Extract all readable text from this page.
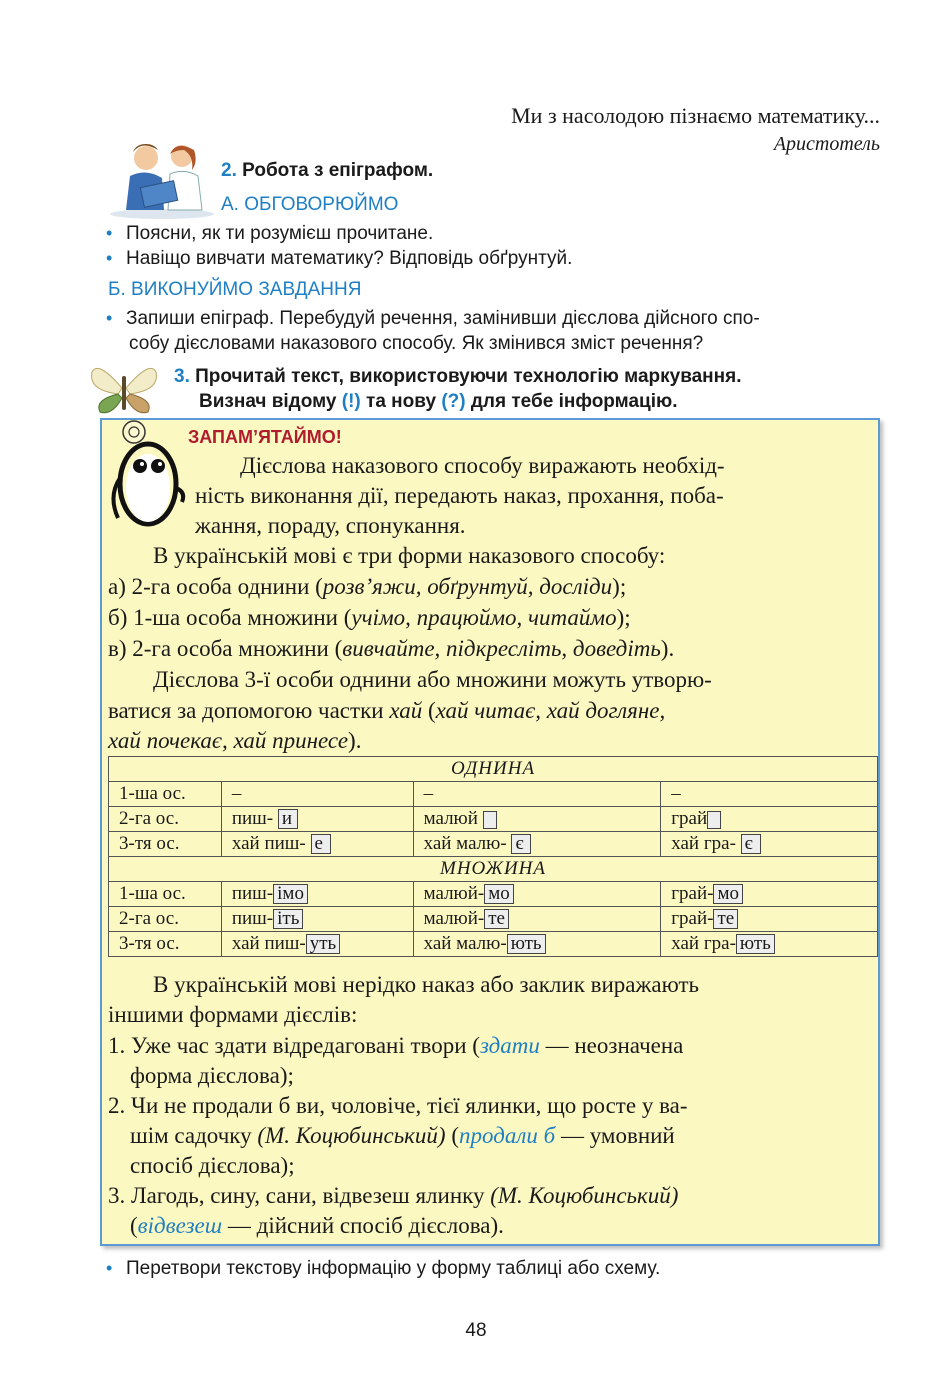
Ми з насолодою пізнаємо математику...
Аристотель
2. Робота з епіграфом.
А. ОБГОВОРЮЙМО
• Поясни, як ти розумієш прочитане.
• Навіщо вивчати математику? Відповідь обґрунтуй.
Б. ВИКОНУЙМО ЗАВДАННЯ
• Запиши епіграф. Перебудуй речення, замінивши дієслова дійсного спо-
собу дієсловами наказового способу. Як змінився зміст речення?
3. Прочитай текст, використовуючи технологію маркування.
Визнач відому (!) та нову (?) для тебе інформацію.
ЗАПАМ’ЯТАЙМО!
Дієслова наказового способу виражають необхід-
ність виконання дії, передають наказ, прохання, поба-
жання, пораду, спонукання.
В українській мові є три форми наказового способу:
а) 2-га особа однини (розв’яжи, обґрунтуй, досліди);
б) 1-ша особа множини (учімо, працюймо, читаймо);
в) 2-га особа множини (вивчайте, підкресліть, доведіть).
Дієслова 3-ї особи однини або множини можуть утворю-
ватися за допомогою частки хай (хай читає, хай догляне,
хай почекає, хай принесе).
ОДНИНА			
1-ша ос.	–	–	–
2-га ос.	пиш- и	малюй	грай
3-тя ос.	хай пиш- е	хай малю- є	хай гра- є
МНОЖИНА			
1-ша ос.	пиш- імо	малюй- мо	грай- мо
2-га ос.	пиш- іть	малюй- те	грай- те
3-тя ос.	хай пиш- уть	хай малю- ють	хай гра- ють
В українській мові нерідко наказ або заклик виражають
іншими формами дієслів:
1. Уже час здати відредаговані твори (здати — неозначена
форма дієслова);
2. Чи не продали б ви, чоловіче, тієї ялинки, що росте у ва-
шім садочку (М. Коцюбинський) (продали б — умовний
спосіб дієслова);
3. Лагодь, сину, сани, відвезеш ялинку (М. Коцюбинський)
(відвезеш — дійсний спосіб дієслова).
• Перетвори текстову інформацію у форму таблиці або схему.
48
